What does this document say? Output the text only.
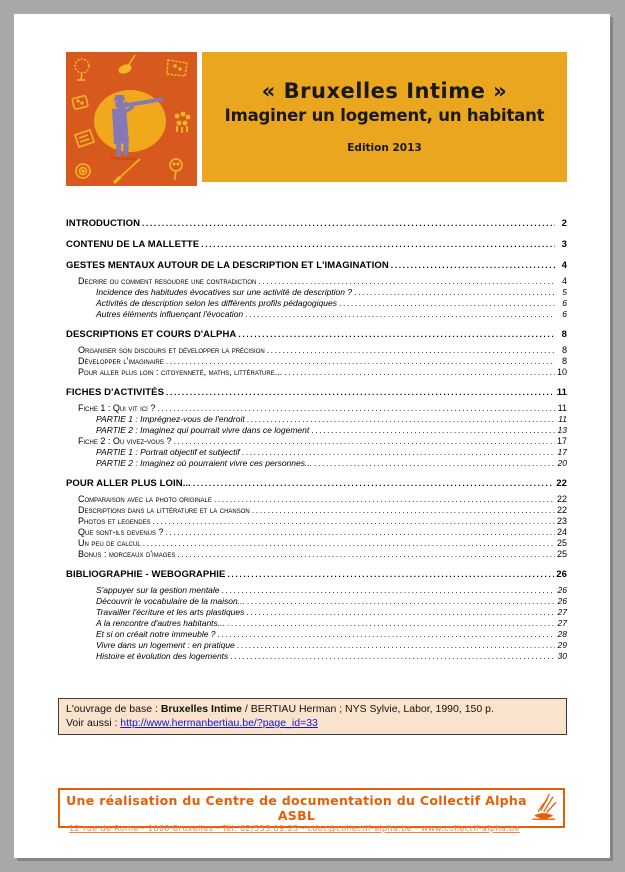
« Bruxelles Intime »
Imaginer un logement, un habitant
Edition 2013
INTRODUCTION .....	2
CONTENU DE LA MALLETTE .....	3
GESTES MENTAUX AUTOUR DE LA DESCRIPTION ET L'IMAGINATION .....	4
Decrire ou comment resoudre une contradiction .....	4
Incidence des habitudes évocatives sur une activité de description ? .....	5
Activités de description selon les différents profils pédagogiques .....	6
Autres éléments influençant l'évocation .....	6
DESCRIPTIONS ET COURS D'ALPHA .....	8
Organiser son discours et développer la précision .....	8
Développer l'imaginaire .....	8
Pour aller plus loin : citoyenneté, maths, littérature... .....	10
FICHES D'ACTIVITÉS .....	11
Fiche 1 : Qui vit ici ? .....	11
PARTIE 1 : Imprégnez-vous de l'endroit .....	11
PARTIE 2 : Imaginez qui pourrait vivre dans ce logement .....	13
Fiche 2 : Ou vivez-vous ? .....	17
PARTIE 1 : Portrait objectif et subjectif .....	17
PARTIE 2 : Imaginez où pourraient vivre ces personnes... .....	20
POUR ALLER PLUS LOIN... .....	22
Comparaison avec la photo originale .....	22
Descriptions dans la littérature et la chanson .....	22
Photos et legendes .....	23
Que sont-ils devenus ? .....	24
Un peu de calcul .....	25
Bonus : morceaux d'images .....	25
BIBLIOGRAPHIE - WEBOGRAPHIE .....	26
S'appuyer sur la gestion mentale .....	26
Découvrir le vocabulaire de la maison... .....	26
Travailler l'écriture et les arts plastiques .....	27
A la rencontre d'autres habitants... .....	27
Et si on créait notre immeuble ? .....	28
Vivre dans un logement : en pratique .....	29
Histoire et évolution des logements .....	30
L'ouvrage de base : Bruxelles Intime / BERTIAU Herman ; NYS Sylvie, Labor, 1990, 150 p.
Voir aussi : http://www.hermanbertiau.be/?page_id=33
Une réalisation du Centre de documentation du Collectif Alpha ASBL
12 rue de Rome - 1060 Bruxelles - Tél. 02/533.09.25 - cdoc@collectif-alpha.be - www.collectif-alpha.be
